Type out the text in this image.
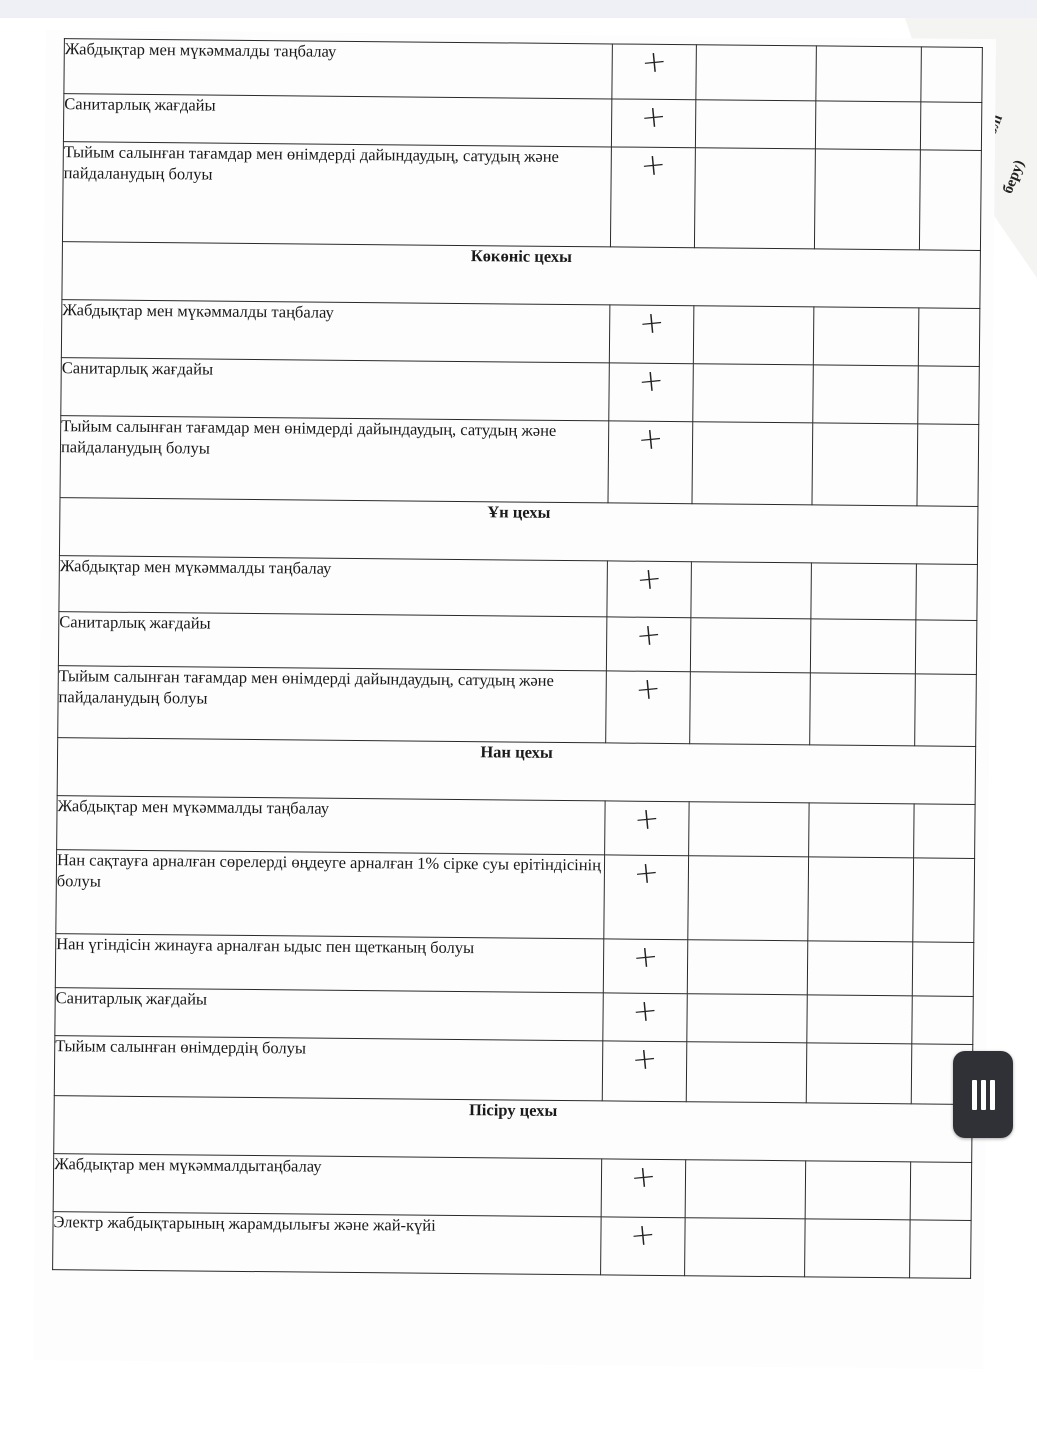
беру)
Жабдықтар мен мүкәммалды таңбалау	+			
Санитарлық жағдайы	+			
Тыйым салынған тағамдар мен өнімдерді дайындаудың, сатудың және пайдаланудың болуы	+			
Көкөніс цехы				
Жабдықтар мен мүкәммалды таңбалау	+			
Санитарлық жағдайы	+			
Тыйым салынған тағамдар мен өнімдерді дайындаудың, сатудың және пайдаланудың болуы	+			
Ұн цехы				
Жабдықтар мен мүкәммалды таңбалау	+			
Санитарлық жағдайы	+			
Тыйым салынған тағамдар мен өнімдерді дайындаудың, сатудың және пайдаланудың болуы	+			
Нан цехы				
Жабдықтар мен мүкәммалды таңбалау	+			
Нан сақтауға арналған сөрелерді өңдеуге арналған 1% сірке суы ерітіндісінің болуы	+			
Нан үгіндісін жинауға арналған ыдыс пен щетканың болуы	+			
Санитарлық жағдайы	+			
Тыйым салынған өнімдердің болуы	+			
Пісіру цехы				
Жабдықтар мен мүкәммалдытаңбалау	+			
Электр жабдықтарының жарамдылығы және жай-күйі	+			
